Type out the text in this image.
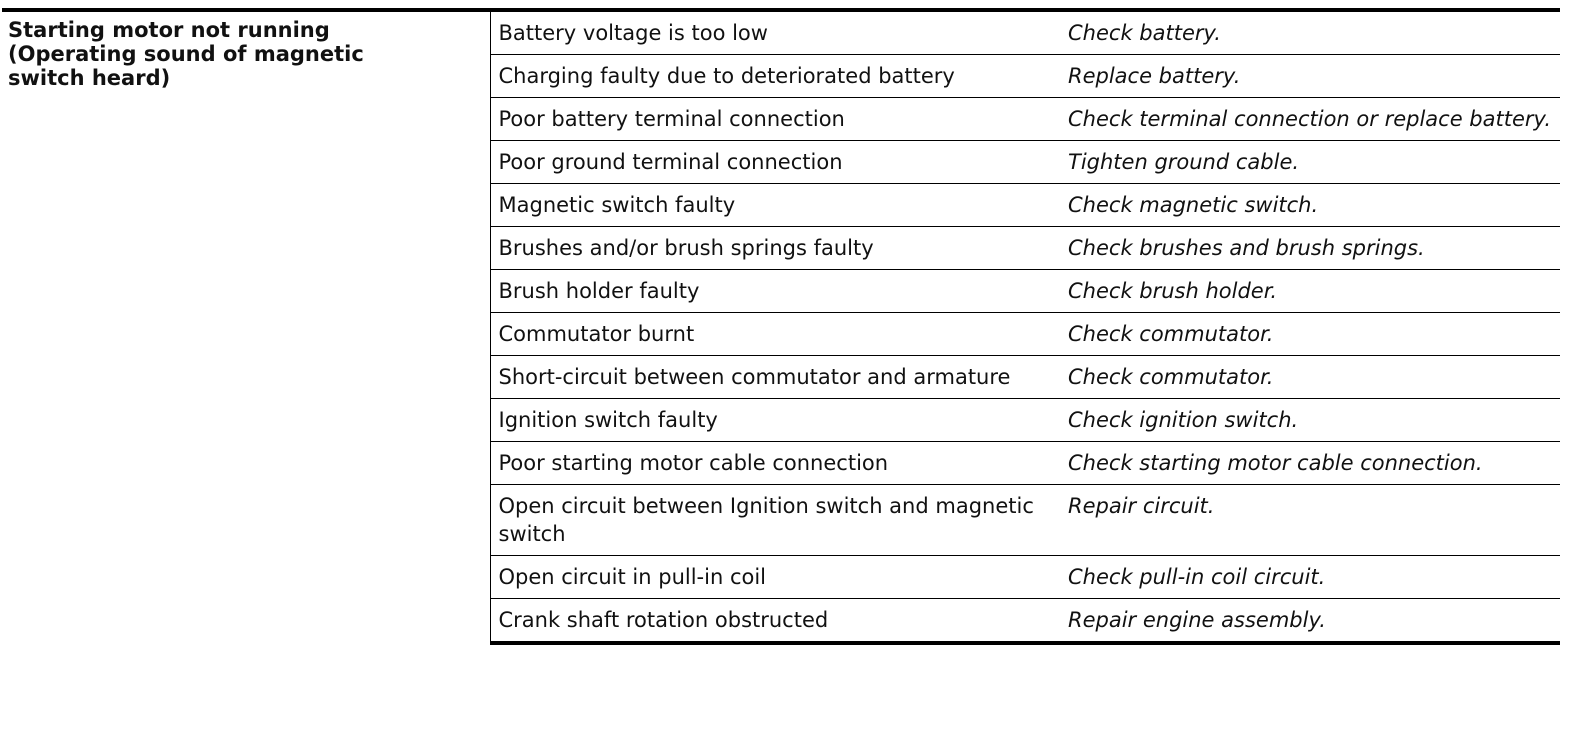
Starting motor not running
(Operating sound of magnetic
switch heard)	Battery voltage is too low	Check battery.
	Charging faulty due to deteriorated battery	Replace battery.
	Poor battery terminal connection	Check terminal connection or replace battery.
	Poor ground terminal connection	Tighten ground cable.
	Magnetic switch faulty	Check magnetic switch.
	Brushes and/or brush springs faulty	Check brushes and brush springs.
	Brush holder faulty	Check brush holder.
	Commutator burnt	Check commutator.
	Short-circuit between commutator and armature	Check commutator.
	Ignition switch faulty	Check ignition switch.
	Poor starting motor cable connection	Check starting motor cable connection.
	Open circuit between Ignition switch and magnetic switch	Repair circuit.
	Open circuit in pull-in coil	Check pull-in coil circuit.
	Crank shaft rotation obstructed	Repair engine assembly.
